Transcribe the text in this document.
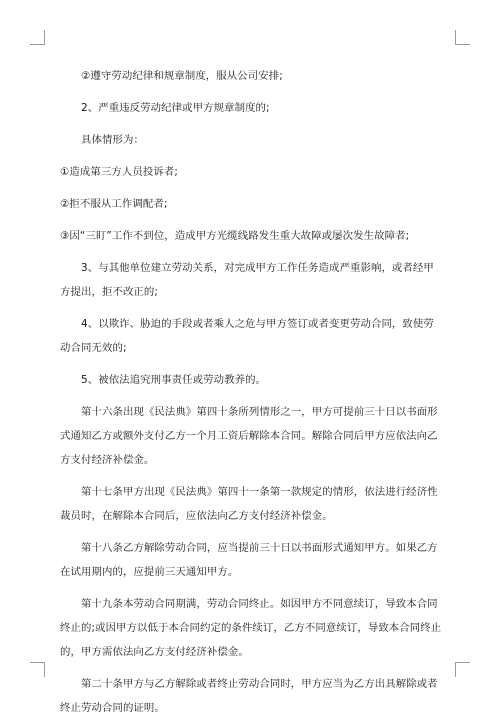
②遵守劳动纪律和规章制度，服从公司安排;

2、严重违反劳动纪律或甲方规章制度的;

具体情形为：

①造成第三方人员投诉者;

②拒不服从工作调配者;

③因“三盯”工作不到位，造成甲方光缆线路发生重大故障或屡次发生故障者;

3、与其他单位建立劳动关系，对完成甲方工作任务造成严重影响，或者经甲方提出，拒不改正的;

4、以欺诈、胁迫的手段或者乘人之危与甲方签订或者变更劳动合同，致使劳动合同无效的;

5、被依法追究刑事责任或劳动教养的。

第十六条出现《民法典》第四十条所列情形之一，甲方可提前三十日以书面形式通知乙方或额外支付乙方一个月工资后解除本合同。解除合同后甲方应依法向乙方支付经济补偿金。

第十七条甲方出现《民法典》第四十一条第一款规定的情形，依法进行经济性裁员时，在解除本合同后，应依法向乙方支付经济补偿金。

第十八条乙方解除劳动合同，应当提前三十日以书面形式通知甲方。如果乙方在试用期内的，应提前三天通知甲方。

第十九条本劳动合同期满，劳动合同终止。如因甲方不同意续订，导致本合同终止的;或因甲方以低于本合同约定的条件续订，乙方不同意续订，导致本合同终止的，甲方需依法向乙方支付经济补偿金。

第二十条甲方与乙方解除或者终止劳动合同时，甲方应当为乙方出具解除或者终止劳动合同的证明。
